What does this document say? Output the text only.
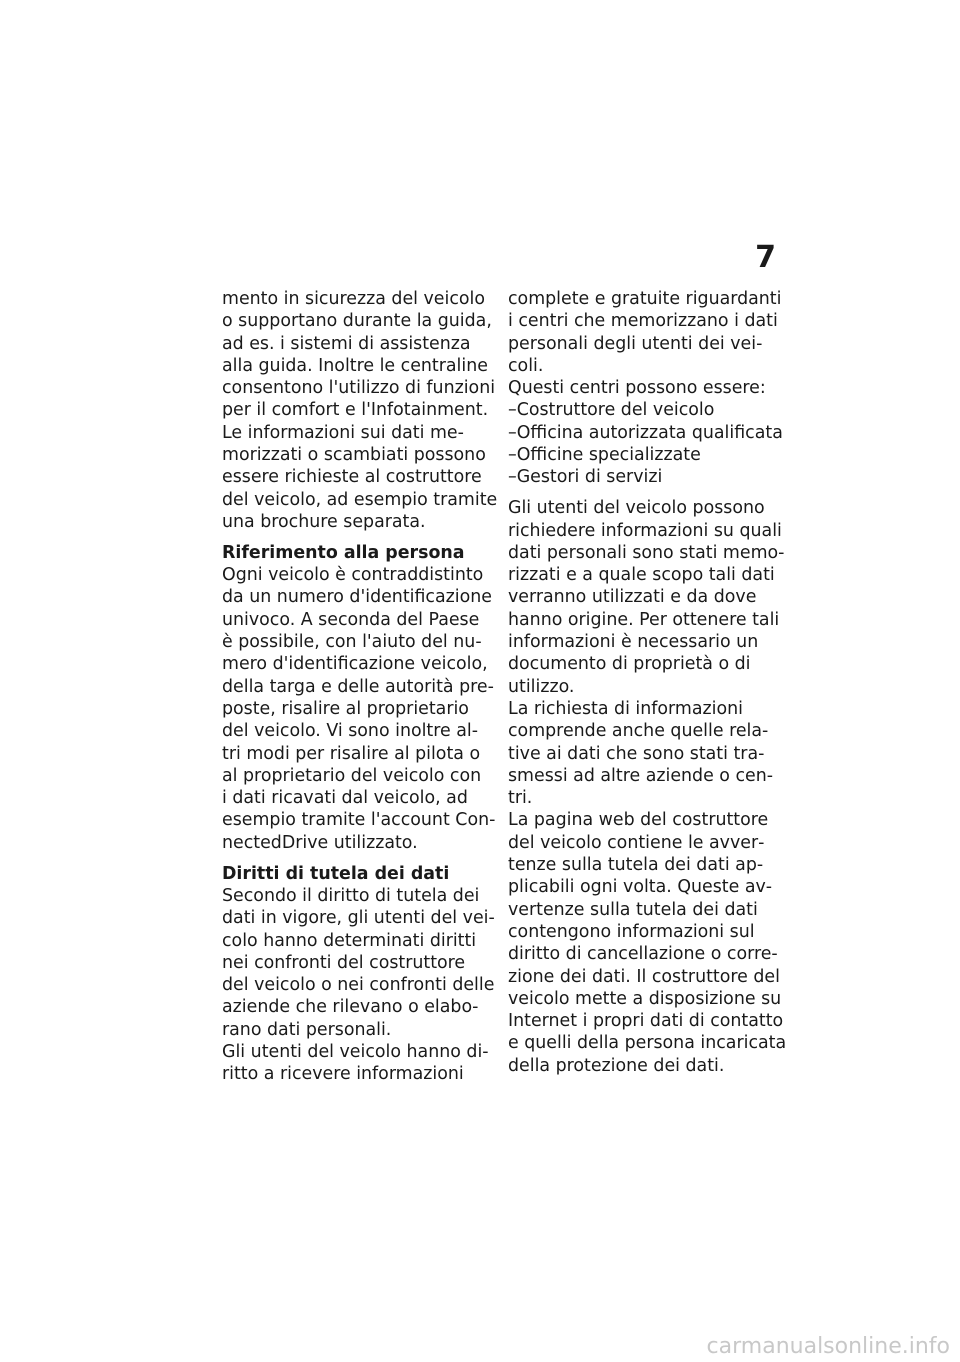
7
mento in sicurezza del veicolo
o supportano durante la guida,
ad es. i sistemi di assistenza
alla guida. Inoltre le centraline
consentono l'utilizzo di funzioni
per il comfort e l'Infotainment.
Le informazioni sui dati me‐
morizzati o scambiati possono
essere richieste al costruttore
del veicolo, ad esempio tramite
una brochure separata.
Riferimento alla persona
Ogni veicolo è contraddistinto
da un numero d'identificazione
univoco. A seconda del Paese
è possibile, con l'aiuto del nu‐
mero d'identificazione veicolo,
della targa e delle autorità pre‐
poste, risalire al proprietario
del veicolo. Vi sono inoltre al‐
tri modi per risalire al pilota o
al proprietario del veicolo con
i dati ricavati dal veicolo, ad
esempio tramite l'account Con‐
nectedDrive utilizzato.
Diritti di tutela dei dati
Secondo il diritto di tutela dei
dati in vigore, gli utenti del vei‐
colo hanno determinati diritti
nei confronti del costruttore
del veicolo o nei confronti delle
aziende che rilevano o elabo‐
rano dati personali.
Gli utenti del veicolo hanno di‐
ritto a ricevere informazioni
complete e gratuite riguardanti
i centri che memorizzano i dati
personali degli utenti dei vei‐
coli.
Questi centri possono essere:
–Costruttore del veicolo
–Officina autorizzata qualificata
–Officine specializzate
–Gestori di servizi
Gli utenti del veicolo possono
richiedere informazioni su quali
dati personali sono stati memo‐
rizzati e a quale scopo tali dati
verranno utilizzati e da dove
hanno origine. Per ottenere tali
informazioni è necessario un
documento di proprietà o di
utilizzo.
La richiesta di informazioni
comprende anche quelle rela‐
tive ai dati che sono stati tra‐
smessi ad altre aziende o cen‐
tri.
La pagina web del costruttore
del veicolo contiene le avver‐
tenze sulla tutela dei dati ap‐
plicabili ogni volta. Queste av‐
vertenze sulla tutela dei dati
contengono informazioni sul
diritto di cancellazione o corre‐
zione dei dati. Il costruttore del
veicolo mette a disposizione su
Internet i propri dati di contatto
e quelli della persona incaricata
della protezione dei dati.
carmanualsonline.info
